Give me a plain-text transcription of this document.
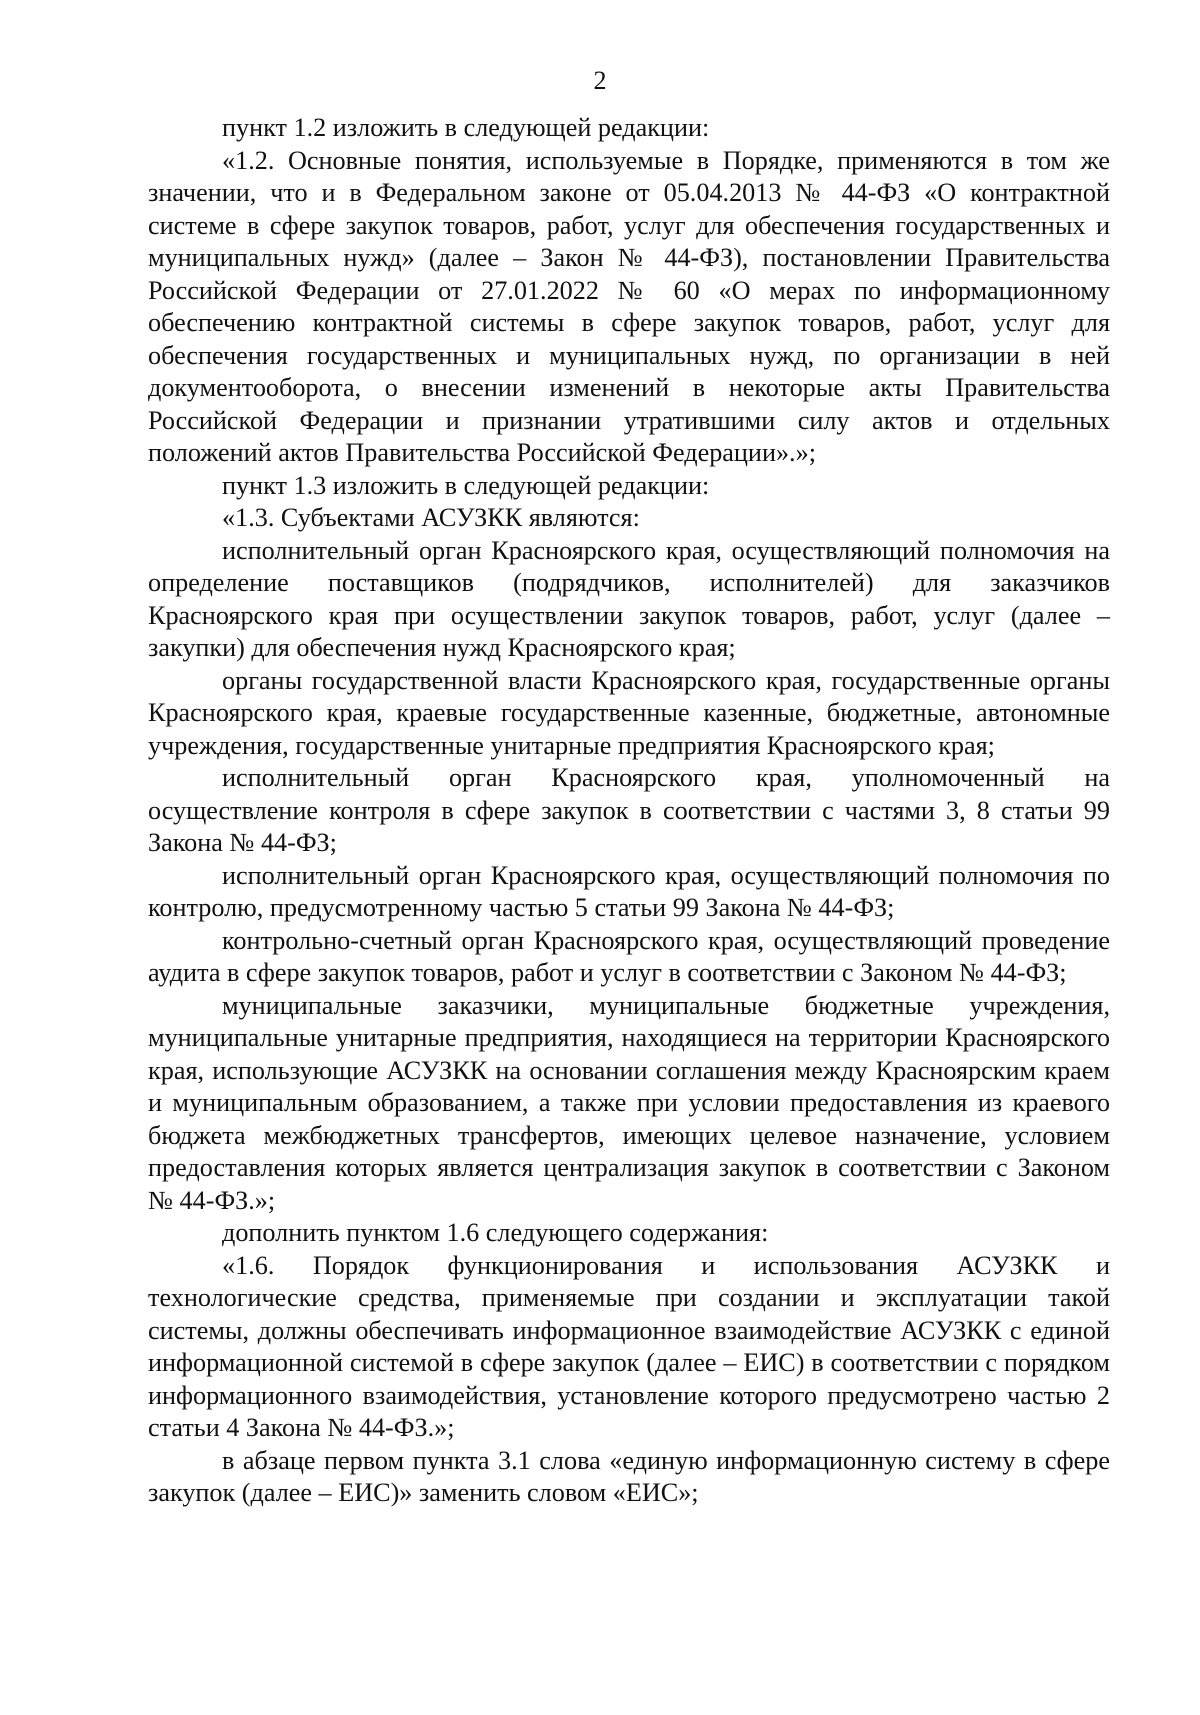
2

пункт 1.2 изложить в следующей редакции:

«1.2. Основные понятия, используемые в Порядке, применяются в том же значении, что и в Федеральном законе от 05.04.2013 № 44-ФЗ «О контрактной системе в сфере закупок товаров, работ, услуг для обеспечения государственных и муниципальных нужд» (далее – Закон № 44-ФЗ), постановлении Правительства Российской Федерации от 27.01.2022 № 60 «О мерах по информационному обеспечению контрактной системы в сфере закупок товаров, работ, услуг для обеспечения государственных и муниципальных нужд, по организации в ней документооборота, о внесении изменений в некоторые акты Правительства Российской Федерации и признании утратившими силу актов и отдельных положений актов Правительства Российской Федерации».»;

пункт 1.3 изложить в следующей редакции:

«1.3. Субъектами АСУЗКК являются:

исполнительный орган Красноярского края, осуществляющий полномочия на определение поставщиков (подрядчиков, исполнителей) для заказчиков Красноярского края при осуществлении закупок товаров, работ, услуг (далее – закупки) для обеспечения нужд Красноярского края;

органы государственной власти Красноярского края, государственные органы Красноярского края, краевые государственные казенные, бюджетные, автономные учреждения, государственные унитарные предприятия Красноярского края;

исполнительный орган Красноярского края, уполномоченный на осуществление контроля в сфере закупок в соответствии с частями 3, 8 статьи 99 Закона № 44-ФЗ;

исполнительный орган Красноярского края, осуществляющий полномочия по контролю, предусмотренному частью 5 статьи 99 Закона № 44-ФЗ;

контрольно-счетный орган Красноярского края, осуществляющий проведение аудита в сфере закупок товаров, работ и услуг в соответствии с Законом № 44-ФЗ;

муниципальные заказчики, муниципальные бюджетные учреждения, муниципальные унитарные предприятия, находящиеся на территории Красноярского края, использующие АСУЗКК на основании соглашения между Красноярским краем и муниципальным образованием, а также при условии предоставления из краевого бюджета межбюджетных трансфертов, имеющих целевое назначение, условием предоставления которых является централизация закупок в соответствии с Законом № 44-ФЗ.»;

дополнить пунктом 1.6 следующего содержания:

«1.6. Порядок функционирования и использования АСУЗКК и технологические средства, применяемые при создании и эксплуатации такой системы, должны обеспечивать информационное взаимодействие АСУЗКК с единой информационной системой в сфере закупок (далее – ЕИС) в соответствии с порядком информационного взаимодействия, установление которого предусмотрено частью 2 статьи 4 Закона № 44-ФЗ.»;

в абзаце первом пункта 3.1 слова «единую информационную систему в сфере закупок (далее – ЕИС)» заменить словом «ЕИС»;
